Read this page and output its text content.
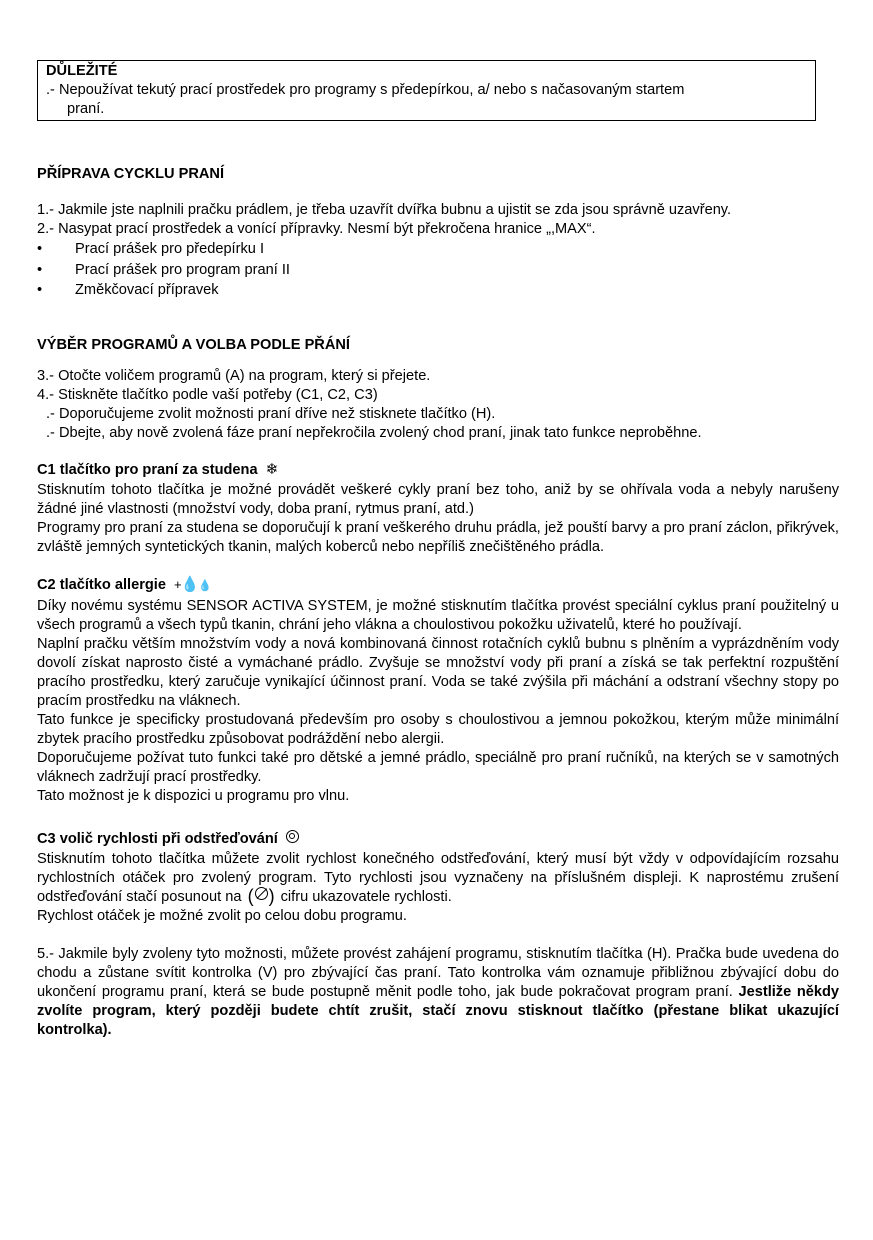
DŮLEŽITÉ
.- Nepoužívat tekutý prací prostředek pro programy s předepírkou, a/ nebo s načasovaným startem
praní.
PŘÍPRAVA CYCKLU PRANÍ

1.- Jakmile jste naplnili pračku prádlem, je třeba uzavřít dvířka bubnu a ujistit se zda jsou správně uzavřeny.

2.- Nasypat prací prostředek a vonící přípravky. Nesmí být překročena hranice „,MAX“.

•	Prací prášek pro předepírku I
•	Prací prášek pro program praní II
•	Změkčovací přípravek
VÝBĚR PROGRAMŮ A VOLBA PODLE PŘÁNÍ

3.- Otočte voličem programů (A) na program, který si přejete.

4.- Stiskněte tlačítko podle vaší potřeby (C1, C2, C3)

.- Doporučujeme zvolit možnosti praní dříve než stisknete tlačítko (H).

.- Dbejte, aby nově zvolená fáze praní nepřekročila zvolený chod praní, jinak tato funkce neproběhne.

C1 tlačítko pro praní za studena ❄

Stisknutím tohoto tlačítka je možné provádět veškeré cykly praní bez toho, aniž by se ohřívala voda a nebyly narušeny žádné jiné vlastnosti (množství vody, doba praní, rytmus praní, atd.)

Programy pro praní za studena se doporučují k praní veškerého druhu prádla, jež pouští barvy a pro praní záclon, přikrývek, zvláště jemných syntetických tkanin, malých koberců nebo nepříliš znečištěného prádla.

C2 tlačítko allergie +💧💧

Díky novému systému SENSOR ACTIVA SYSTEM, je možné stisknutím tlačítka provést speciální cyklus praní použitelný u všech programů a všech typů tkanin, chrání jeho vlákna a choulostivou pokožku uživatelů, které ho používají.

Naplní pračku větším množstvím vody a nová kombinovaná činnost rotačních cyklů bubnu s plněním a vyprázdněním vody dovolí získat naprosto čisté a vymáchané prádlo. Zvyšuje se množství vody při praní a získá se tak perfektní rozpuštění pracího prostředku, který zaručuje vynikající účinnost praní. Voda se také zvýšila při máchání a odstraní všechny stopy po pracím prostředku na vláknech.

Tato funkce je specificky prostudovaná především pro osoby s choulostivou a jemnou pokožkou, kterým může minimální zbytek pracího prostředku způsobovat podráždění nebo alergii.

Doporučujeme požívat tuto funkci také pro dětské a jemné prádlo, speciálně pro praní ručníků, na kterých se v samotných vláknech zadržují prací prostředky.

Tato možnost je k dispozici u programu pro vlnu.

C3 volič rychlosti při odstřeďování

Stisknutím tohoto tlačítka můžete zvolit rychlost konečného odstřeďování, který musí být vždy v odpovídajícím rozsahu rychlostních otáček pro zvolený program. Tyto rychlosti jsou vyznačeny na příslušném displeji. K naprostému zrušení odstřeďování stačí posunout na ( ) cifru ukazovatele rychlosti.

Rychlost otáček je možné zvolit po celou dobu programu.

5.- Jakmile byly zvoleny tyto možnosti, můžete provést zahájení programu, stisknutím tlačítka (H). Pračka bude uvedena do chodu a zůstane svítit kontrolka (V) pro zbývající čas praní. Tato kontrolka vám oznamuje přibližnou zbývající dobu do ukončení programu praní, která se bude postupně měnit podle toho, jak bude pokračovat program praní. Jestliže někdy zvolíte program, který později budete chtít zrušit, stačí znovu stisknout tlačítko (přestane blikat ukazující kontrolka).
